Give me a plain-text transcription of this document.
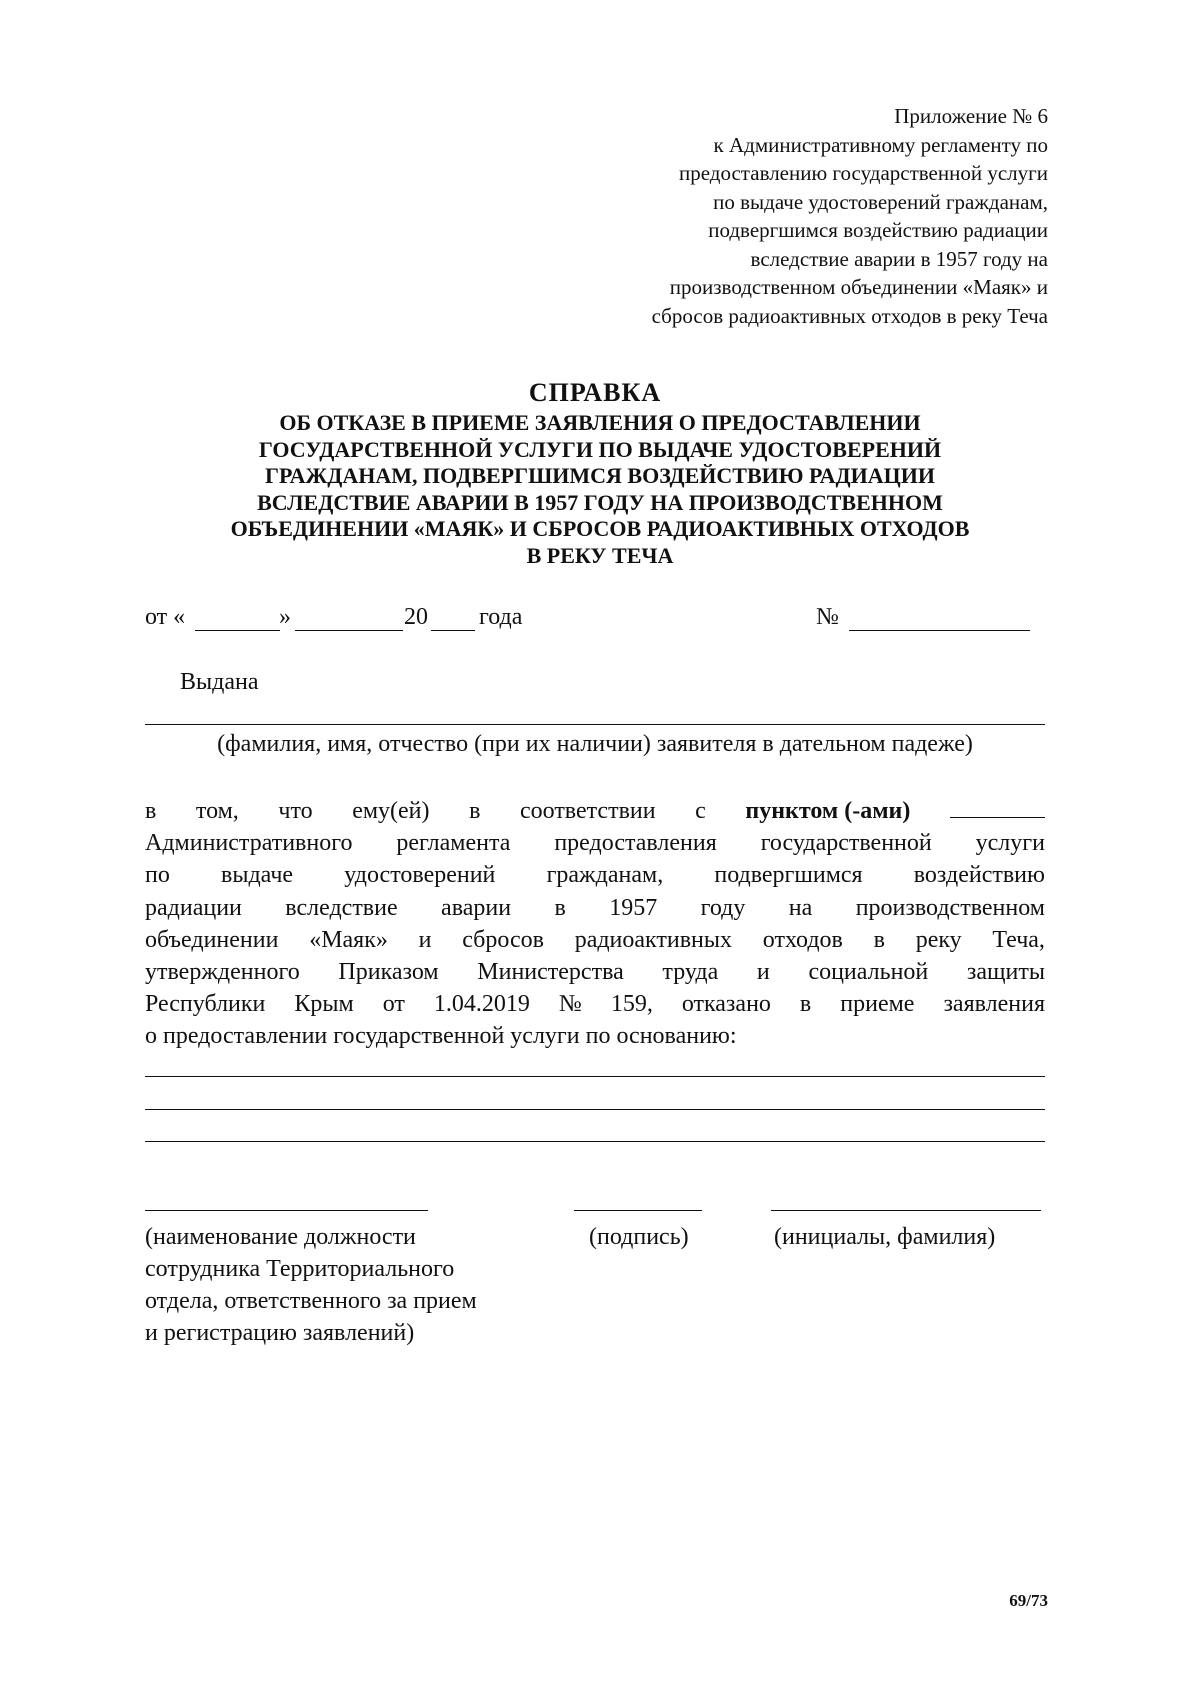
Приложение № 6
к Административному регламенту по
предоставлению государственной услуги
по выдаче удостоверений гражданам,
подвергшимся воздействию радиации
вследствие аварии в 1957 году на
производственном объединении «Маяк» и
сбросов радиоактивных отходов в реку Теча
СПРАВКА
ОБ ОТКАЗЕ В ПРИЕМЕ ЗАЯВЛЕНИЯ О ПРЕДОСТАВЛЕНИИ
ГОСУДАРСТВЕННОЙ УСЛУГИ ПО ВЫДАЧЕ УДОСТОВЕРЕНИЙ
ГРАЖДАНАМ, ПОДВЕРГШИМСЯ ВОЗДЕЙСТВИЮ РАДИАЦИИ
ВСЛЕДСТВИЕ АВАРИИ В 1957 ГОДУ НА ПРОИЗВОДСТВЕННОМ
ОБЪЕДИНЕНИИ «МАЯК» И СБРОСОВ РАДИОАКТИВНЫХ ОТХОДОВ
В РЕКУ ТЕЧА
от «	»	20 года	№
Выдана
(фамилия, имя, отчество (при их наличии) заявителя в дательном падеже)
в том, что ему(ей) в соответствии с пунктом (-ами)
Административного регламента предоставления государственной услуги
по выдаче удостоверений гражданам, подвергшимся воздействию
радиации вследствие аварии в 1957 году на производственном
объединении «Маяк» и сбросов радиоактивных отходов в реку Теча,
утвержденного Приказом Министерства труда и социальной защиты
Республики Крым от 1.04.2019 № 159, отказано в приеме заявления
о предоставлении государственной услуги по основанию:
(наименование должности
сотрудника Территориального
отдела, ответственного за прием
и регистрацию заявлений)
(подпись)	(инициалы, фамилия)
69/73
